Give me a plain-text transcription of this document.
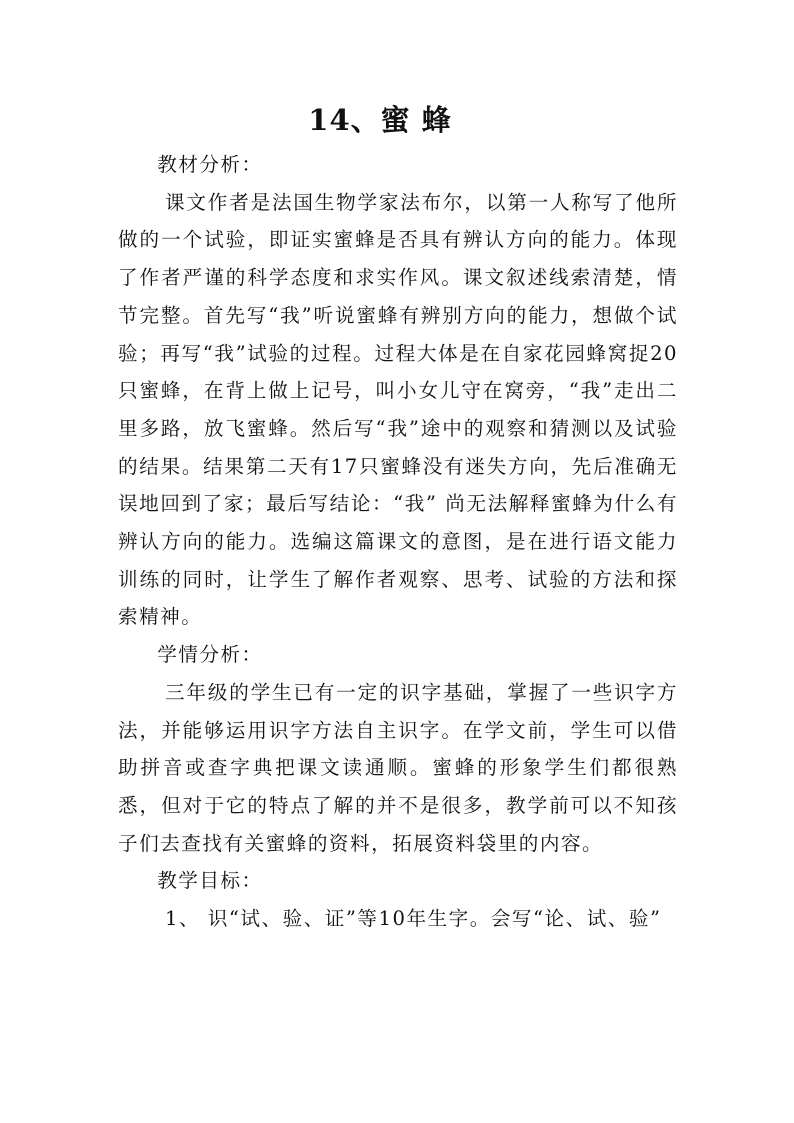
14、蜜 蜂

教材分析：

课文作者是法国生物学家法布尔，以第一人称写了他所做的一个试验，即证实蜜蜂是否具有辨认方向的能力。体现了作者严谨的科学态度和求实作风。课文叙述线索清楚，情节完整。首先写“我”听说蜜蜂有辨别方向的能力，想做个试验；再写“我”试验的过程。过程大体是在自家花园蜂窝捉20只蜜蜂，在背上做上记号，叫小女儿守在窝旁，“我”走出二里多路，放飞蜜蜂。然后写“我”途中的观察和猜测以及试验的结果。结果第二天有17只蜜蜂没有迷失方向，先后准确无误地回到了家；最后写结论：“我” 尚无法解释蜜蜂为什么有辨认方向的能力。选编这篇课文的意图，是在进行语文能力训练的同时，让学生了解作者观察、思考、试验的方法和探索精神。

学情分析：

三年级的学生已有一定的识字基础，掌握了一些识字方法，并能够运用识字方法自主识字。在学文前，学生可以借助拼音或查字典把课文读通顺。蜜蜂的形象学生们都很熟悉，但对于它的特点了解的并不是很多，教学前可以不知孩子们去查找有关蜜蜂的资料，拓展资料袋里的内容。

教学目标：

1、 识“试、验、证”等10年生字。会写“论、试、验”
